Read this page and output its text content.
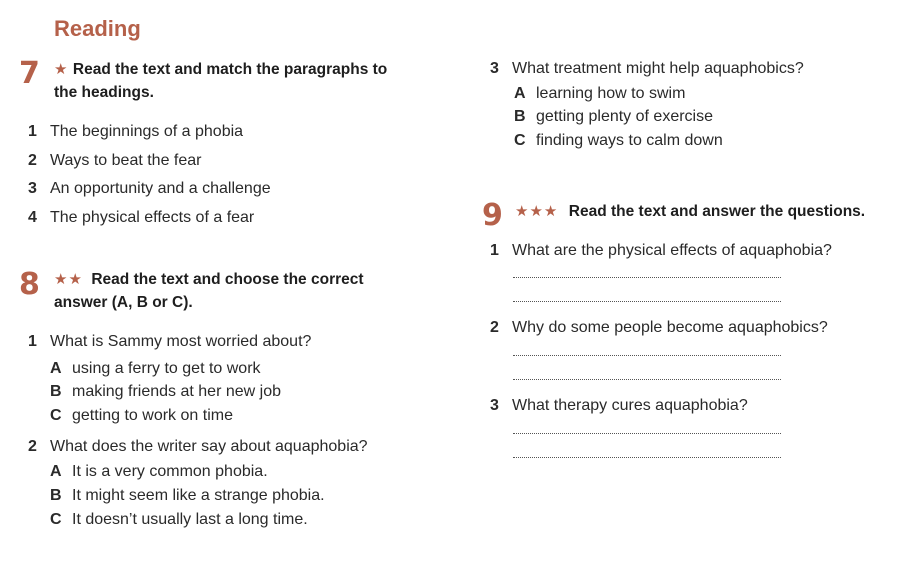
Reading
7 ★ Read the text and match the paragraphs to
the headings.
1 The beginnings of a phobia
2 Ways to beat the fear
3 An opportunity and a challenge
4 The physical effects of a fear
8 ★★ Read the text and choose the correct
answer (A, B or C).
1 What is Sammy most worried about?
A using a ferry to get to work
B making friends at her new job
C getting to work on time
2 What does the writer say about aquaphobia?
A It is a very common phobia.
B It might seem like a strange phobia.
C It doesn’t usually last a long time.
3 What treatment might help aquaphobics?
A learning how to swim
B getting plenty of exercise
C finding ways to calm down
9 ★★★ Read the text and answer the questions.
1 What are the physical effects of aquaphobia?
2 Why do some people become aquaphobics?
3 What therapy cures aquaphobia?
